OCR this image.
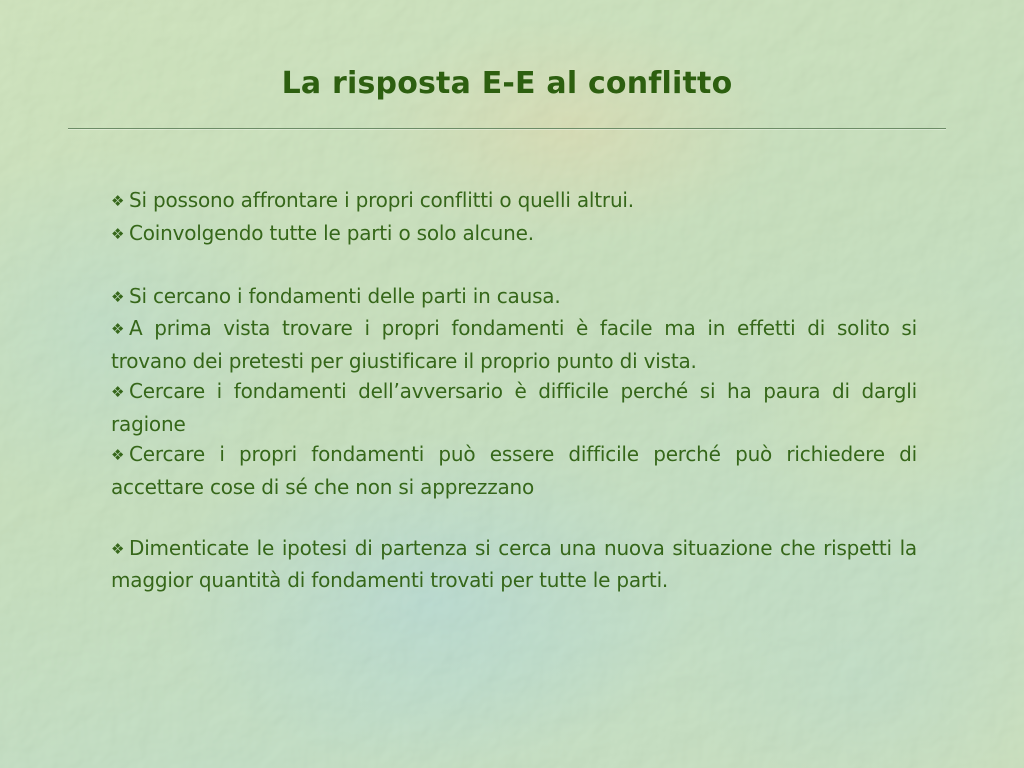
La risposta E-E al conflitto

❖ Si possono affrontare i propri conflitti o quelli altrui.

❖ Coinvolgendo tutte le parti o solo alcune.

❖ Si cercano i fondamenti delle parti in causa.

❖ A prima vista trovare i propri fondamenti è facile ma in effetti di solito si trovano dei pretesti per giustificare il proprio punto di vista.

❖ Cercare i fondamenti dell’avversario è difficile perché si ha paura di dargli ragione

❖ Cercare i propri fondamenti può essere difficile perché può richiedere di accettare cose di sé che non si apprezzano

❖ Dimenticate le ipotesi di partenza si cerca una nuova situazione che rispetti la maggior quantità di fondamenti trovati per tutte le parti.
